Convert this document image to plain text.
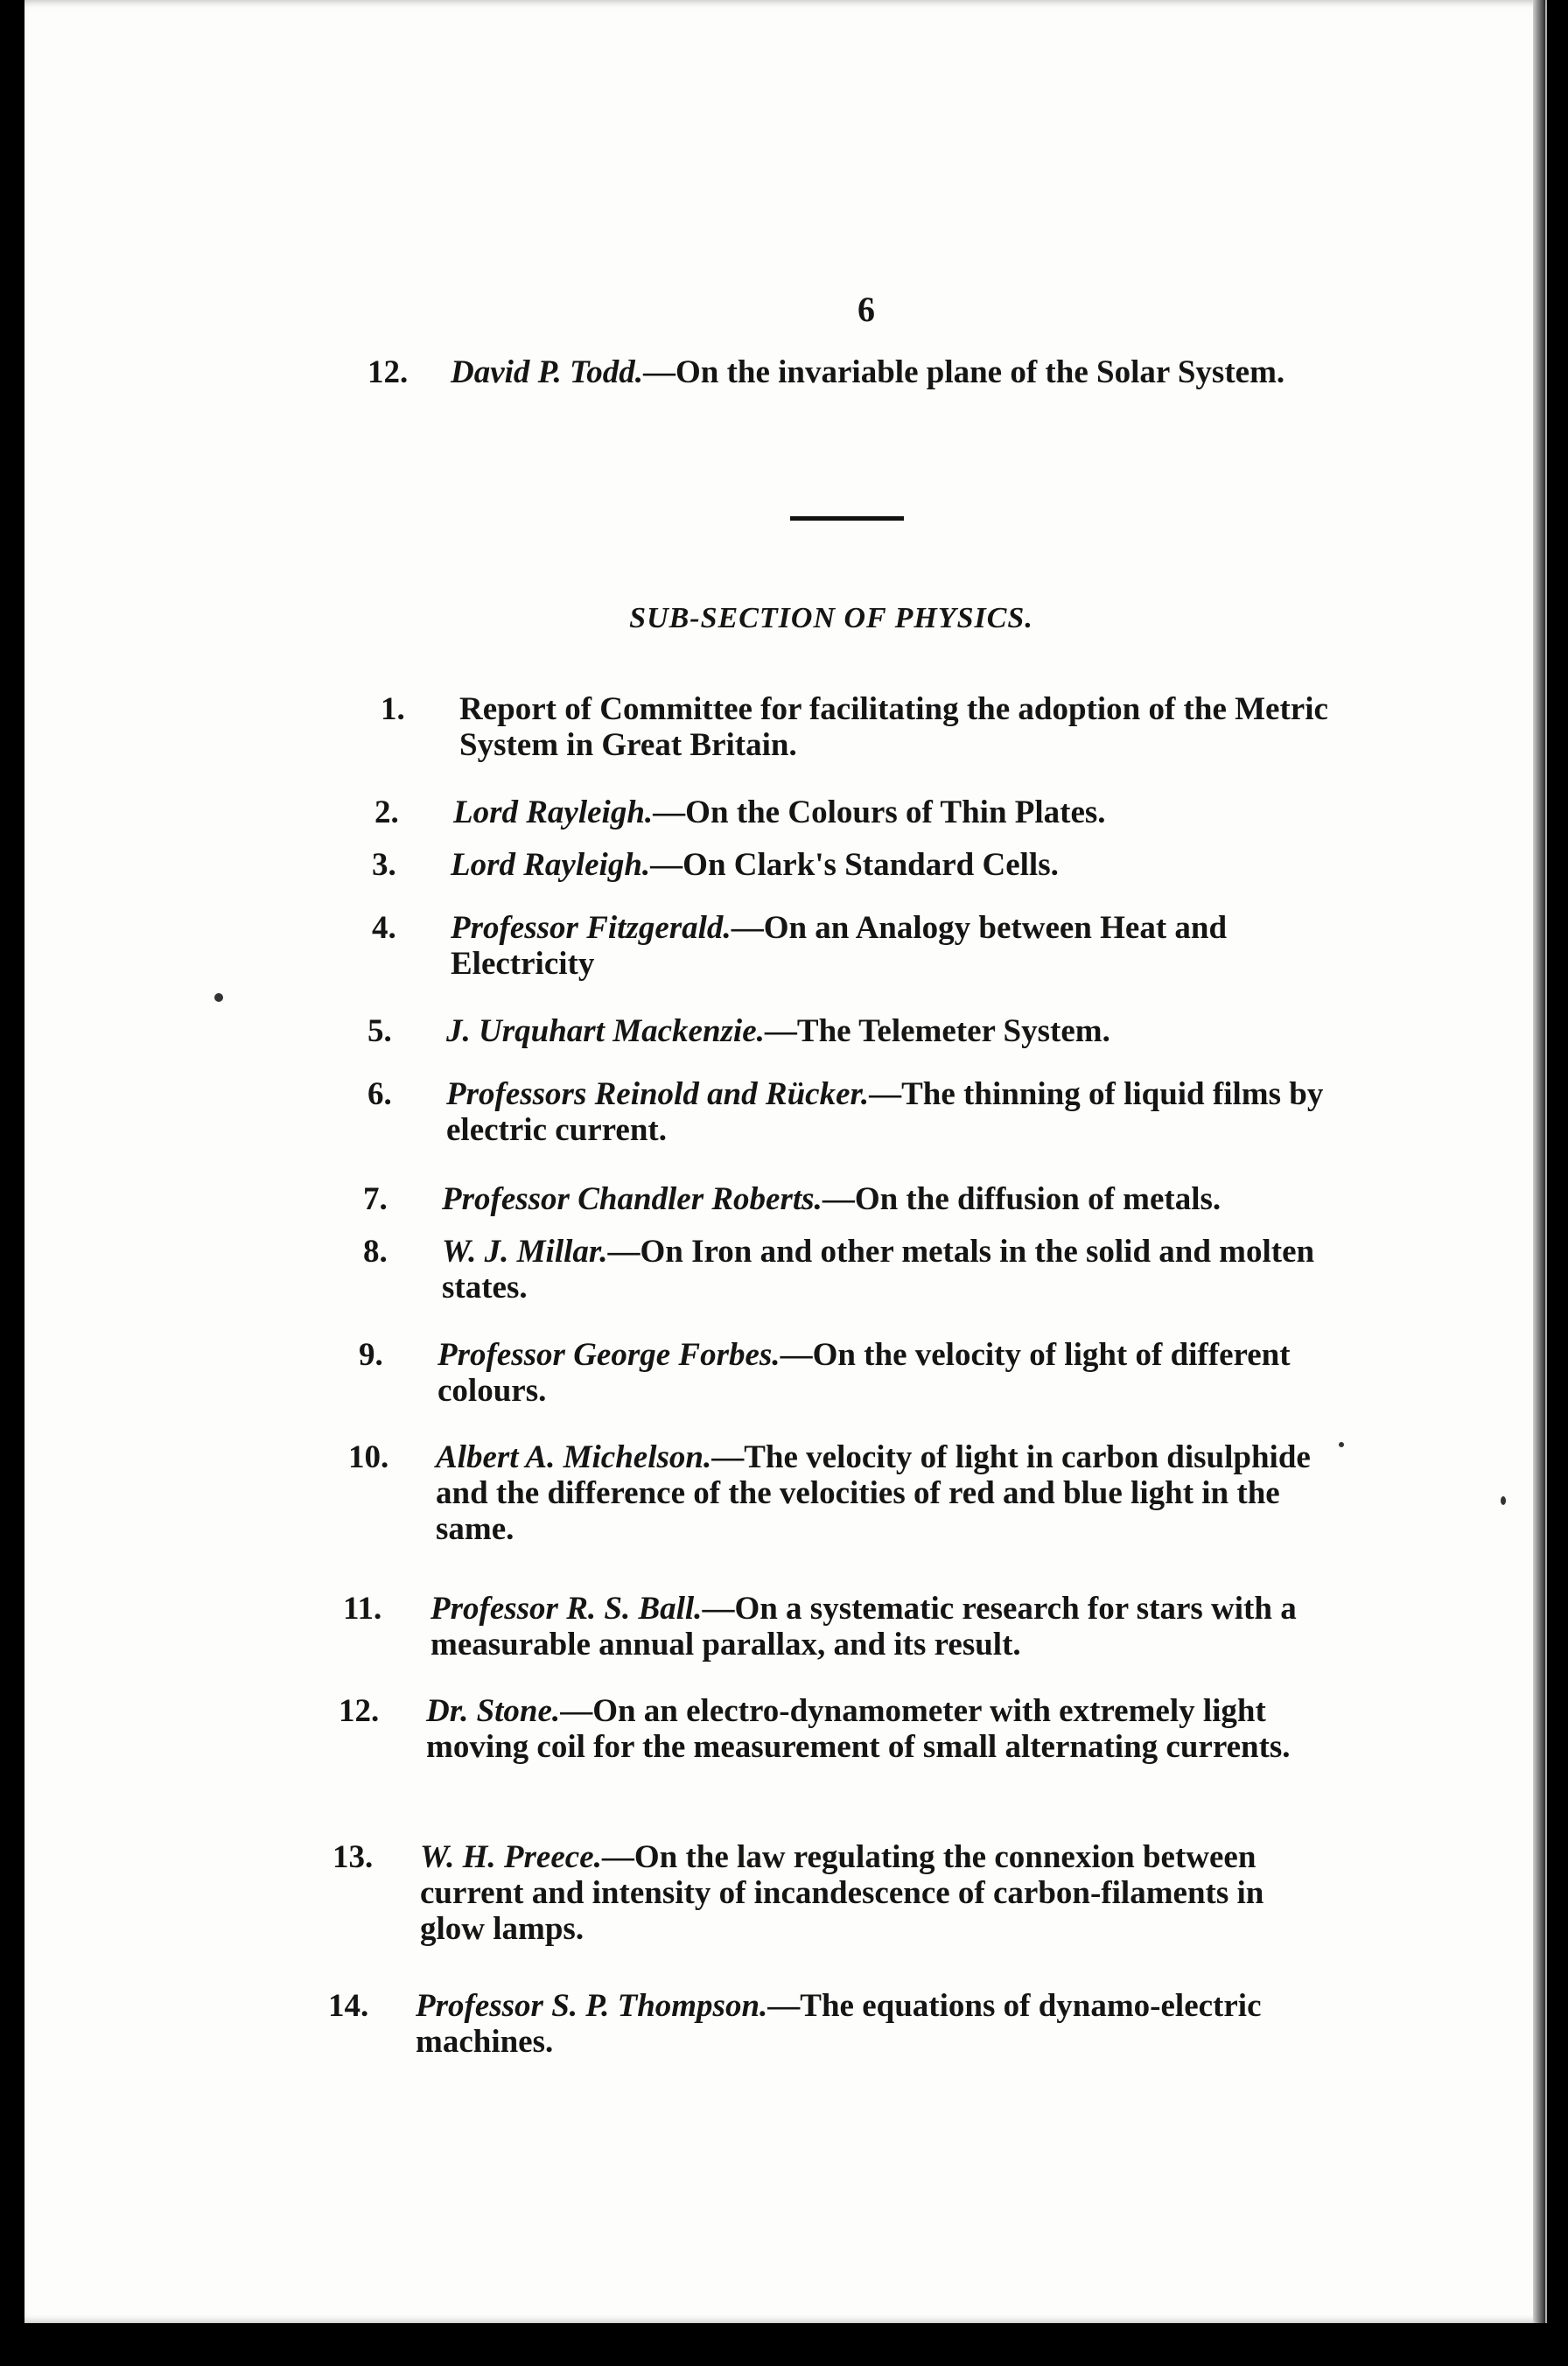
6
12.	David P. Todd.—On the invariable plane of the Solar System.
SUB-SECTION OF PHYSICS.
1.	Report of Committee for facilitating the adoption of the Metric System in Great Britain.
2.	Lord Rayleigh.—On the Colours of Thin Plates.
3.	Lord Rayleigh.—On Clark's Standard Cells.
4.	Professor Fitzgerald.—On an Analogy between Heat and Electricity
5.	J. Urquhart Mackenzie.—The Telemeter System.
6.	Professors Reinold and Rücker.—The thinning of liquid films by electric current.
7.	Professor Chandler Roberts.—On the diffusion of metals.
8.	W. J. Millar.—On Iron and other metals in the solid and molten states.
9.	Professor George Forbes.—On the velocity of light of different colours.
10.	Albert A. Michelson.—The velocity of light in carbon disulphide and the difference of the velocities of red and blue light in the same.
11.	Professor R. S. Ball.—On a systematic research for stars with a measurable annual parallax, and its result.
12.	Dr. Stone.—On an electro-dynamometer with extremely light moving coil for the measurement of small alternating currents.
13.	W. H. Preece.—On the law regulating the connexion between current and intensity of incandescence of carbon-filaments in glow lamps.
14.	Professor S. P. Thompson.—The equations of dynamo-electric machines.
